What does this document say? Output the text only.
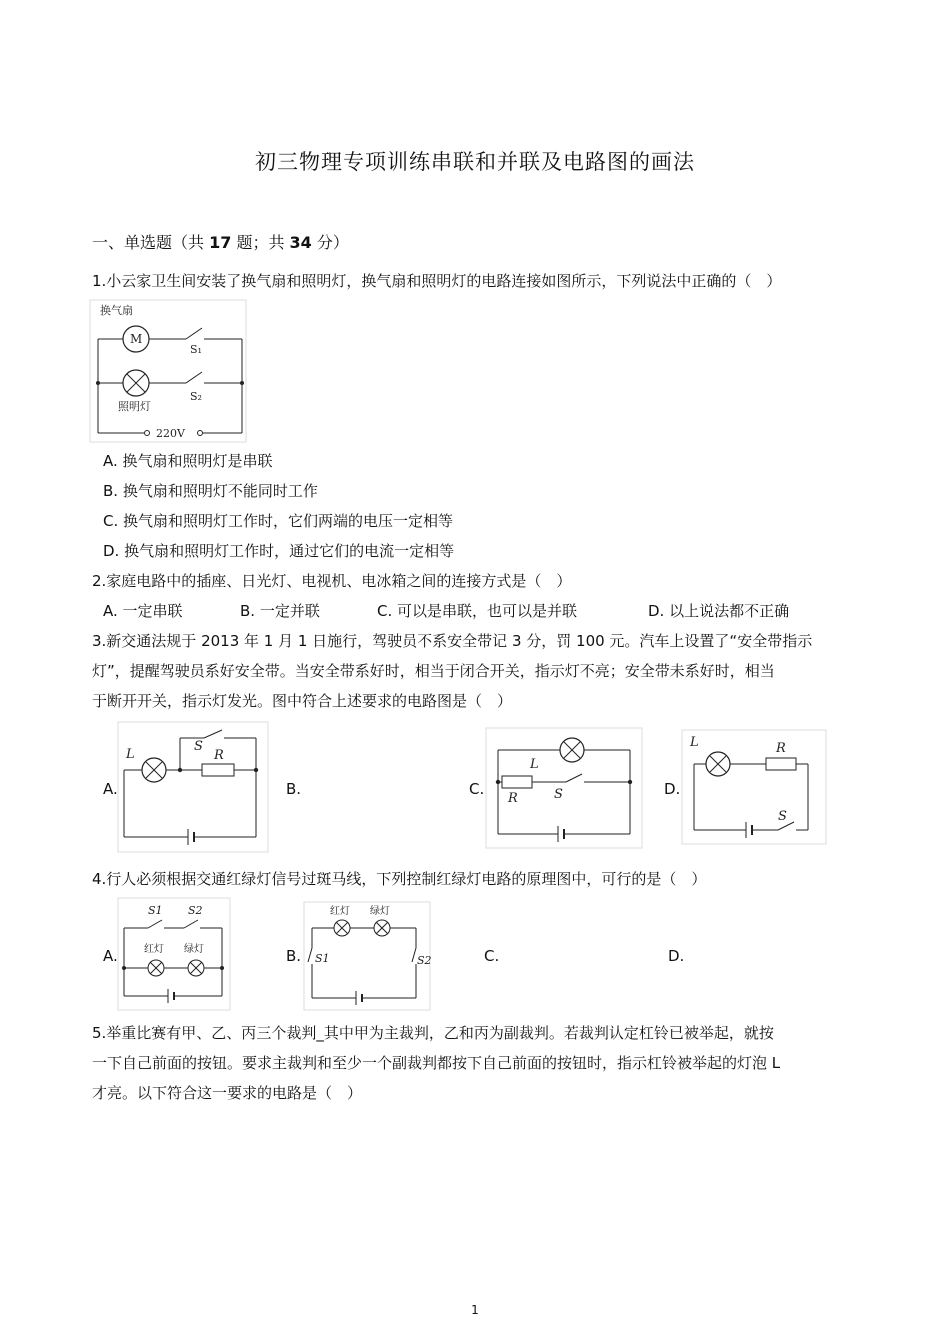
初三物理专项训练串联和并联及电路图的画法
一、单选题（共 17 题；共 34 分）
1.小云家卫生间安装了换气扇和照明灯，换气扇和照明灯的电路连接如图所示，下列说法中正确的（　）
换气扇
M
S₁
S₂
照明灯
220V
A. 换气扇和照明灯是串联
B. 换气扇和照明灯不能同时工作
C. 换气扇和照明灯工作时，它们两端的电压一定相等
D. 换气扇和照明灯工作时，通过它们的电流一定相等
2.家庭电路中的插座、日光灯、电视机、电冰箱之间的连接方式是（　）
A. 一定串联	B. 一定并联	C. 可以是串联，也可以是并联	D. 以上说法都不正确
3.新交通法规于 2013 年 1 月 1 日施行，驾驶员不系安全带记 3 分，罚 100 元。汽车上设置了“安全带指示
灯”，提醒驾驶员系好安全带。当安全带系好时，相当于闭合开关，指示灯不亮；安全带未系好时，相当
于断开开关，指示灯发光。图中符合上述要求的电路图是（　）
A.
L
S
R
B.	C.
L
R	S	D.
L	R
S
4.行人必须根据交通红绿灯信号过斑马线，下列控制红绿灯电路的原理图中，可行的是（　）
A.
S1 S2
红灯 绿灯	B.
红灯 绿灯
S1	S2	C.	D.
5.举重比赛有甲、乙、丙三个裁判_其中甲为主裁判，乙和丙为副裁判。若裁判认定杠铃已被举起，就按
一下自己前面的按钮。要求主裁判和至少一个副裁判都按下自己前面的按钮时，指示杠铃被举起的灯泡 L
才亮。以下符合这一要求的电路是（　）
1
